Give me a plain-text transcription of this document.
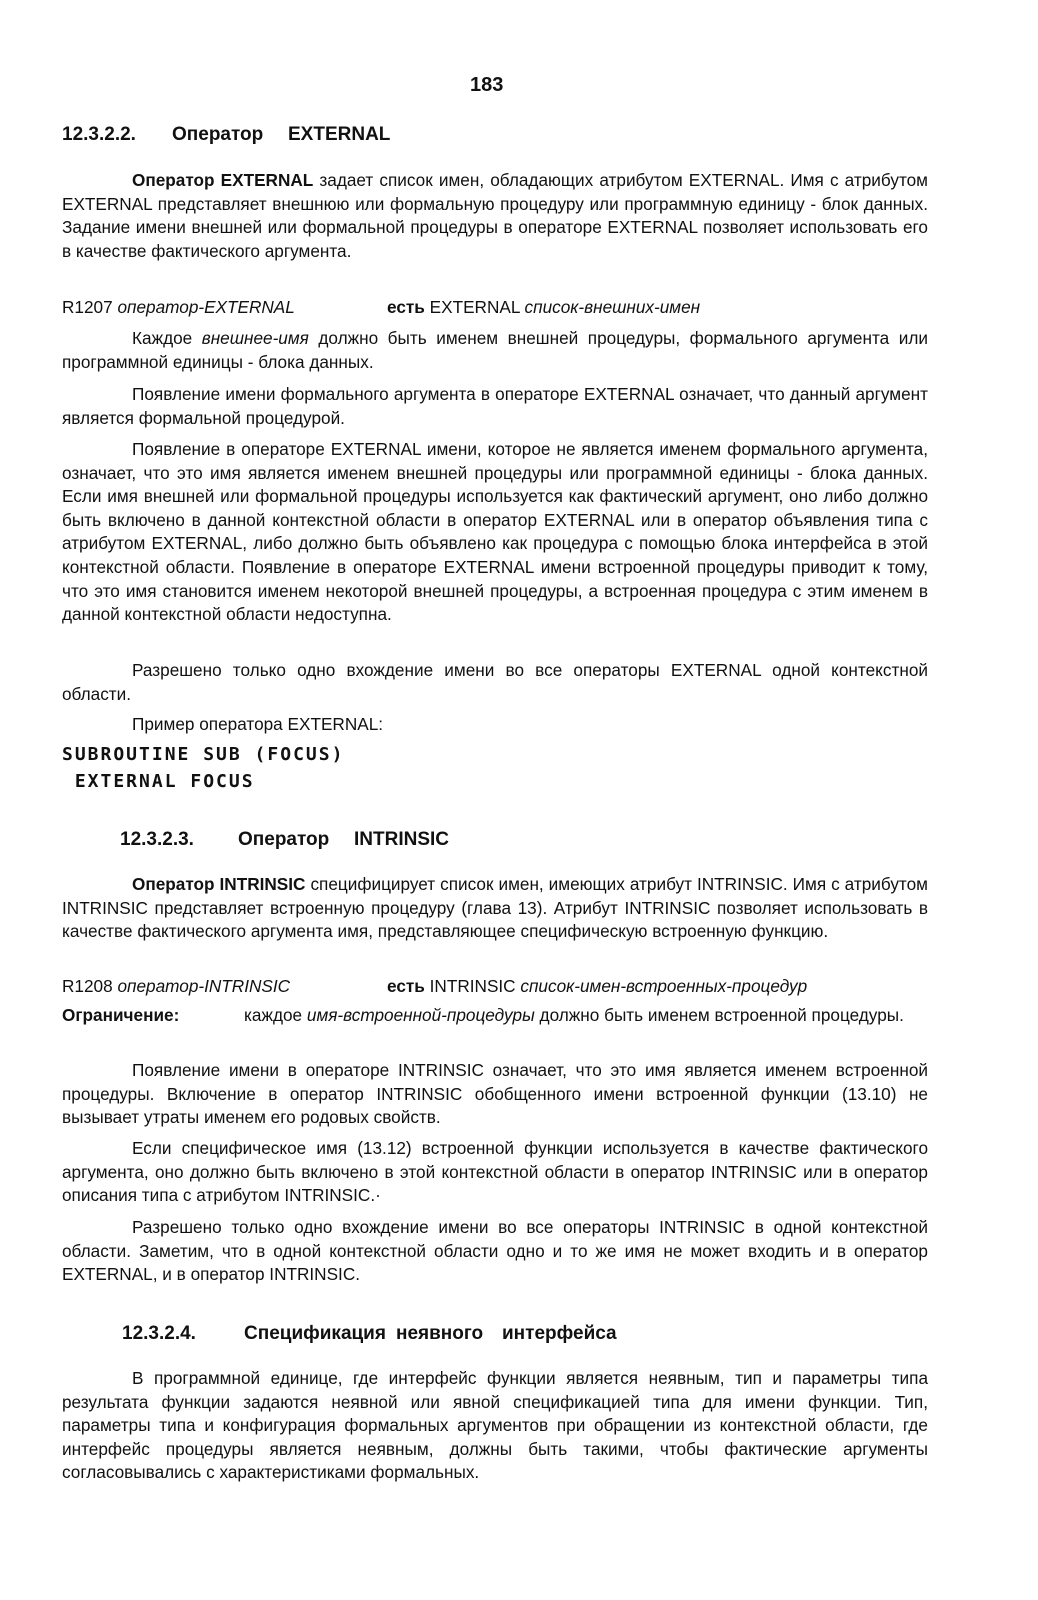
183

12.3.2.2. Оператор EXTERNAL

Оператор EXTERNAL задает список имен, обладающих атрибутом EXTERNAL. Имя с атрибутом EXTERNAL представляет внешнюю или формальную процедуру или программную единицу - блок данных. Задание имени внешней или формальной процедуры в операторе EXTERNAL позволяет использовать его в качестве фактического аргумента.

R1207 оператор-EXTERNAL	есть EXTERNAL список-внешних-имен

Каждое внешнее-имя должно быть именем внешней процедуры, формального аргумента или программной единицы - блока данных.

Появление имени формального аргумента в операторе EXTERNAL означает, что данный аргумент является формальной процедурой.

Появление в операторе EXTERNAL имени, которое не является именем формального аргумента, означает, что это имя является именем внешней процедуры или программной единицы - блока данных. Если имя внешней или формальной процедуры используется как фактический аргумент, оно либо должно быть включено в данной контекстной области в оператор EXTERNAL или в оператор объявления типа с атрибутом EXTERNAL, либо должно быть объявлено как процедура с помощью блока интерфейса в этой контекстной области. Появление в операторе EXTERNAL имени встроенной процедуры приводит к тому, что это имя становится именем некоторой внешней процедуры, а встроенная процедура с этим именем в данной контекстной области недоступна.

Разрешено только одно вхождение имени во все операторы EXTERNAL одной контекстной области.

Пример оператора EXTERNAL:

SUBROUTINE SUB (FOCUS)

EXTERNAL FOCUS

12.3.2.3. Оператор INTRINSIC

Оператор INTRINSIC специфицирует список имен, имеющих атрибут INTRINSIC. Имя с атрибутом INTRINSIC представляет встроенную процедуру (глава 13). Атрибут INTRINSIC позволяет использовать в качестве фактического аргумента имя, представляющее специфическую встроенную функцию.

R1208 оператор-INTRINSIC	есть INTRINSIC список-имен-встроенных-процедур
Ограничение:	каждое имя-встроенной-процедуры должно быть именем встроенной процедуры.

Появление имени в операторе INTRINSIC означает, что это имя является именем встроенной процедуры. Включение в оператор INTRINSIC обобщенного имени встроенной функции (13.10) не вызывает утраты именем его родовых свойств.

Если специфическое имя (13.12) встроенной функции используется в качестве фактического аргумента, оно должно быть включено в этой контекстной области в оператор INTRINSIC или в оператор описания типа с атрибутом INTRINSIC.·

Разрешено только одно вхождение имени во все операторы INTRINSIC в одной контекстной области. Заметим, что в одной контекстной области одно и то же имя не может входить и в оператор EXTERNAL, и в оператор INTRINSIC.

12.3.2.4.	Спецификация неявного интерфейса

В программной единице, где интерфейс функции является неявным, тип и параметры типа результата функции задаются неявной или явной спецификацией типа для имени функции. Тип, параметры типа и конфигурация формальных аргументов при обращении из контекстной области, где интерфейс процедуры является неявным, должны быть такими, чтобы фактические аргументы согласовывались с характеристиками формальных.
